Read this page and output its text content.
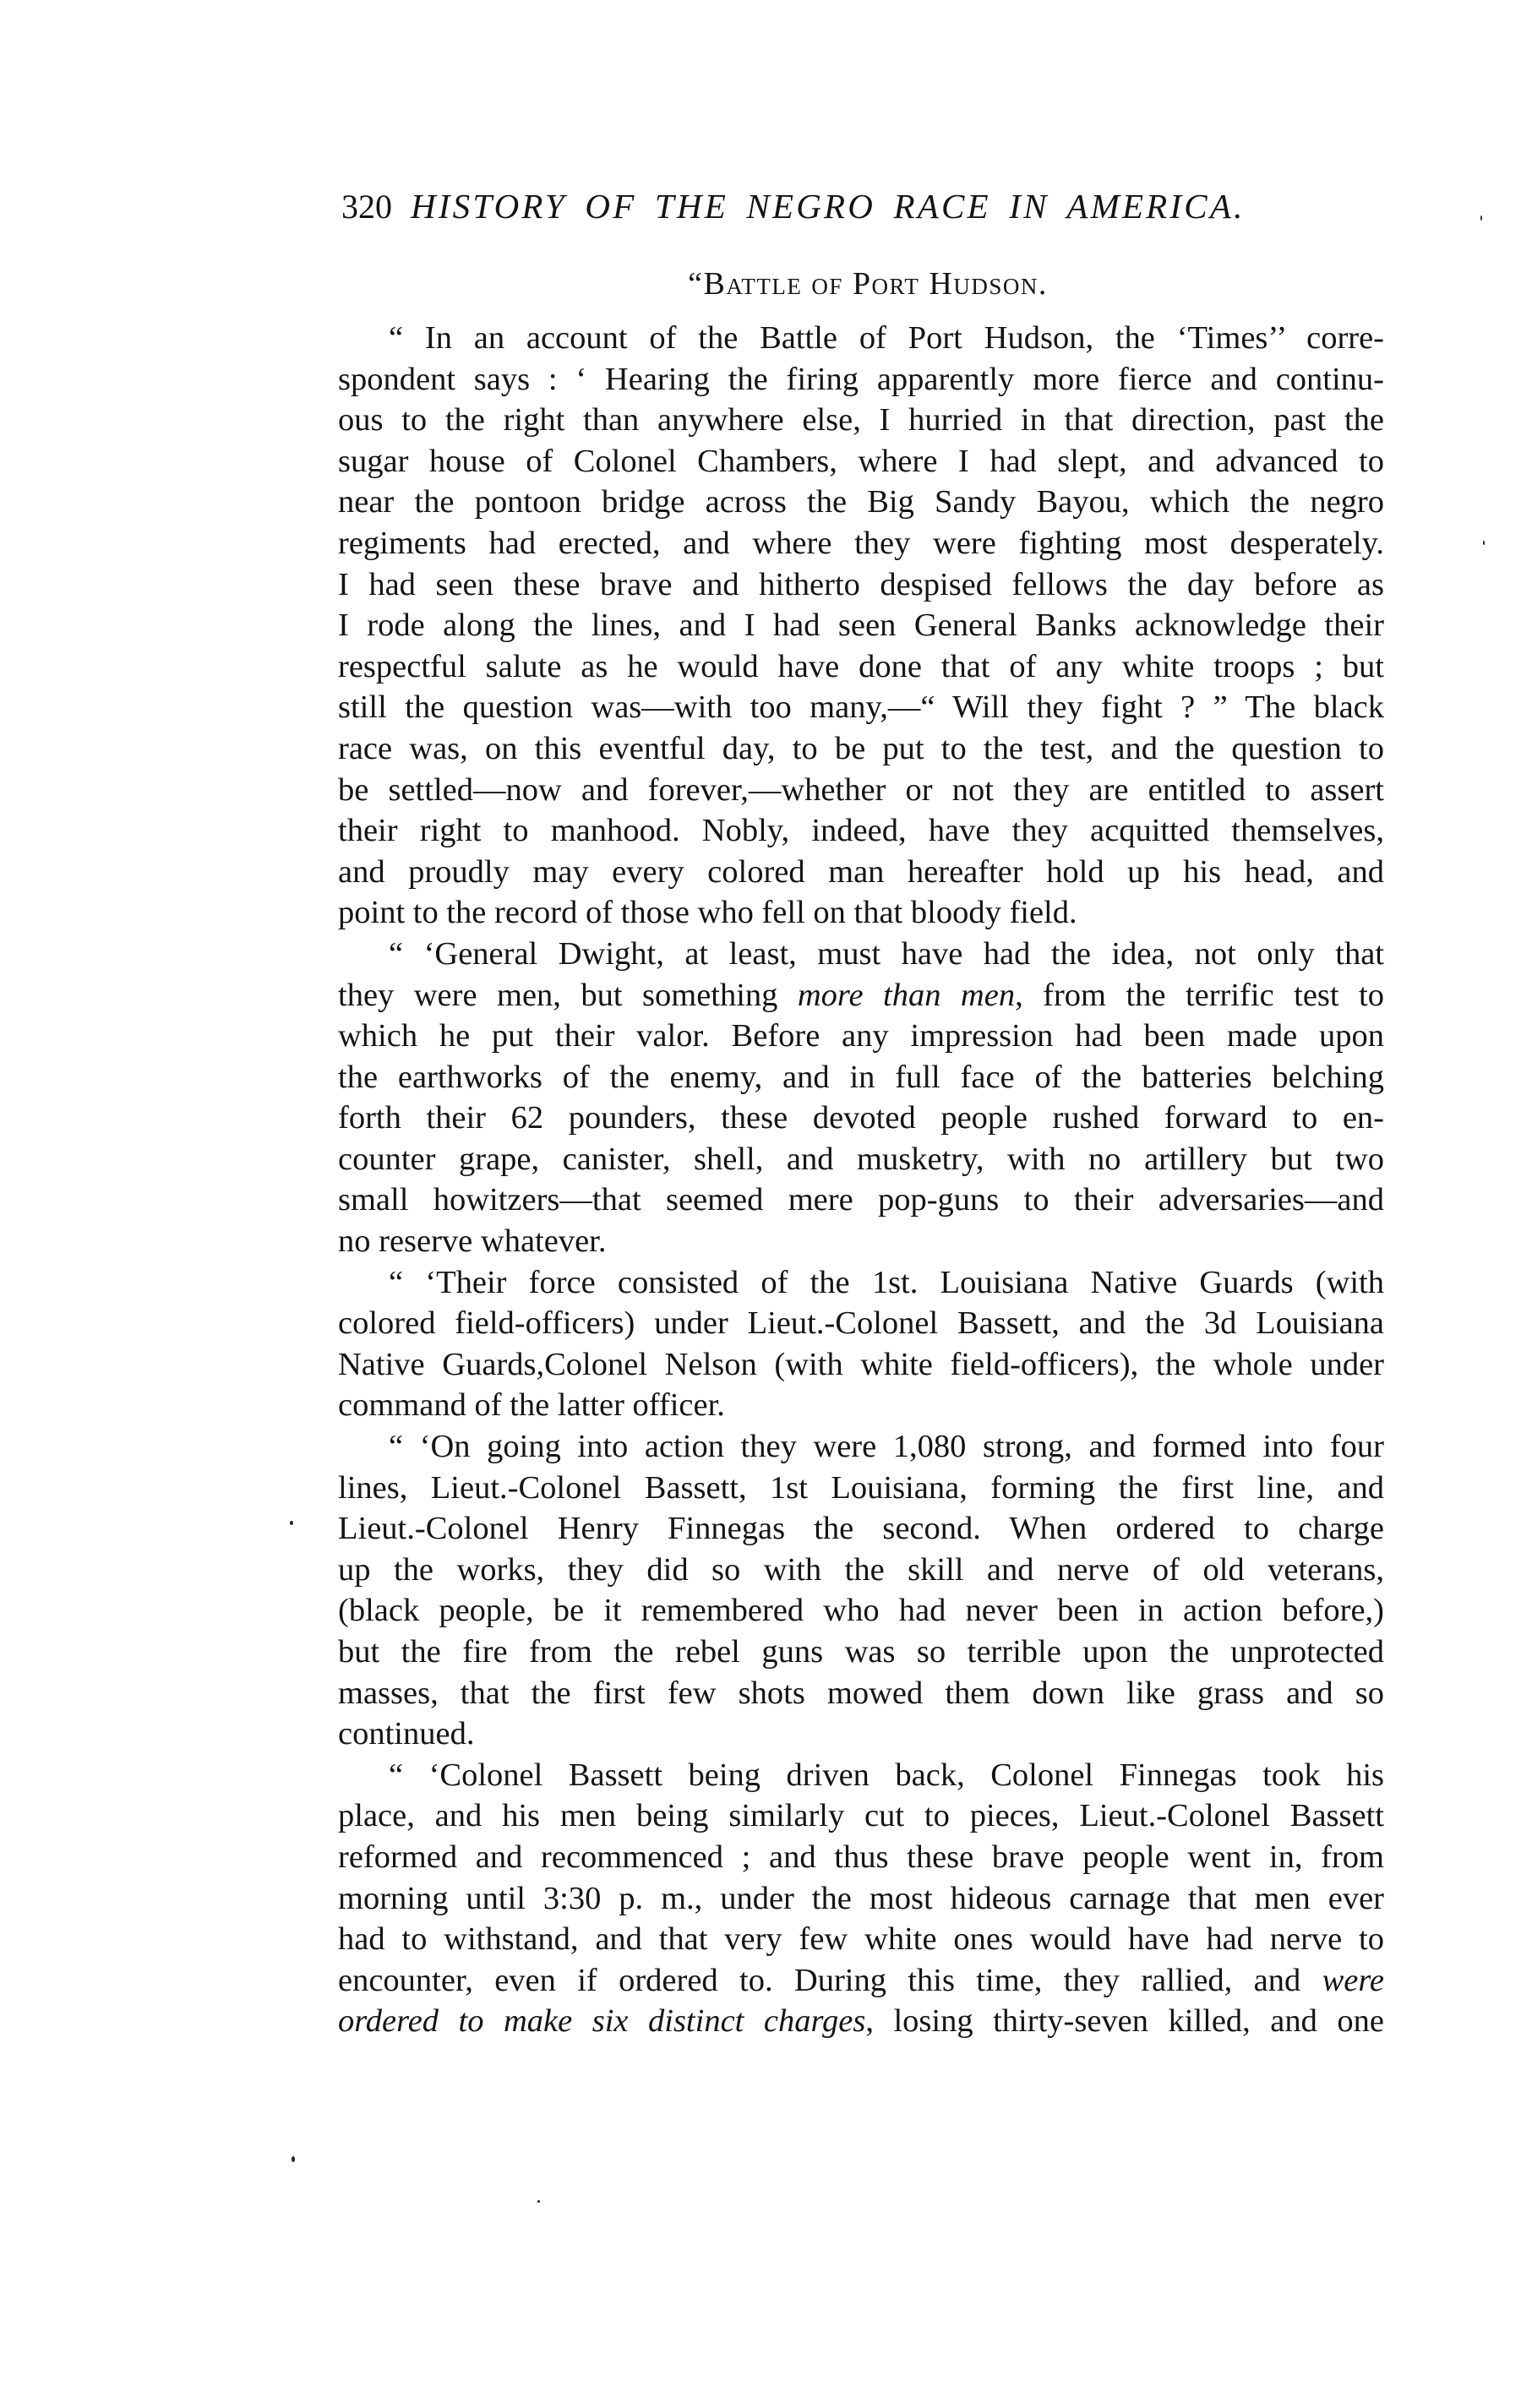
320 HISTORY OF THE NEGRO RACE IN AMERICA.
“Battle of Port Hudson.
“ In an account of the Battle of Port Hudson, the ‘Times’’ corre-
spondent says : ‘ Hearing the firing apparently more fierce and continu-
ous to the right than anywhere else, I hurried in that direction, past the
sugar house of Colonel Chambers, where I had slept, and advanced to
near the pontoon bridge across the Big Sandy Bayou, which the negro
regiments had erected, and where they were fighting most desperately.
I had seen these brave and hitherto despised fellows the day before as
I rode along the lines, and I had seen General Banks acknowledge their
respectful salute as he would have done that of any white troops ; but
still the question was—with too many,—“ Will they fight ? ” The black
race was, on this eventful day, to be put to the test, and the question to
be settled—now and forever,—whether or not they are entitled to assert
their right to manhood. Nobly, indeed, have they acquitted themselves,
and proudly may every colored man hereafter hold up his head, and
point to the record of those who fell on that bloody field.
“ ‘General Dwight, at least, must have had the idea, not only that
they were men, but something more than men, from the terrific test to
which he put their valor. Before any impression had been made upon
the earthworks of the enemy, and in full face of the batteries belching
forth their 62 pounders, these devoted people rushed forward to en-
counter grape, canister, shell, and musketry, with no artillery but two
small howitzers—that seemed mere pop-guns to their adversaries—and
no reserve whatever.
“ ‘Their force consisted of the 1st. Louisiana Native Guards (with
colored field-officers) under Lieut.-Colonel Bassett, and the 3d Louisiana
Native Guards,Colonel Nelson (with white field-officers), the whole under
command of the latter officer.
“ ‘On going into action they were 1,080 strong, and formed into four
lines, Lieut.-Colonel Bassett, 1st Louisiana, forming the first line, and
Lieut.-Colonel Henry Finnegas the second. When ordered to charge
up the works, they did so with the skill and nerve of old veterans,
(black people, be it remembered who had never been in action before,)
but the fire from the rebel guns was so terrible upon the unprotected
masses, that the first few shots mowed them down like grass and so
continued.
“ ‘Colonel Bassett being driven back, Colonel Finnegas took his
place, and his men being similarly cut to pieces, Lieut.-Colonel Bassett
reformed and recommenced ; and thus these brave people went in, from
morning until 3:30 p. m., under the most hideous carnage that men ever
had to withstand, and that very few white ones would have had nerve to
encounter, even if ordered to. During this time, they rallied, and were
ordered to make six distinct charges, losing thirty-seven killed, and one
